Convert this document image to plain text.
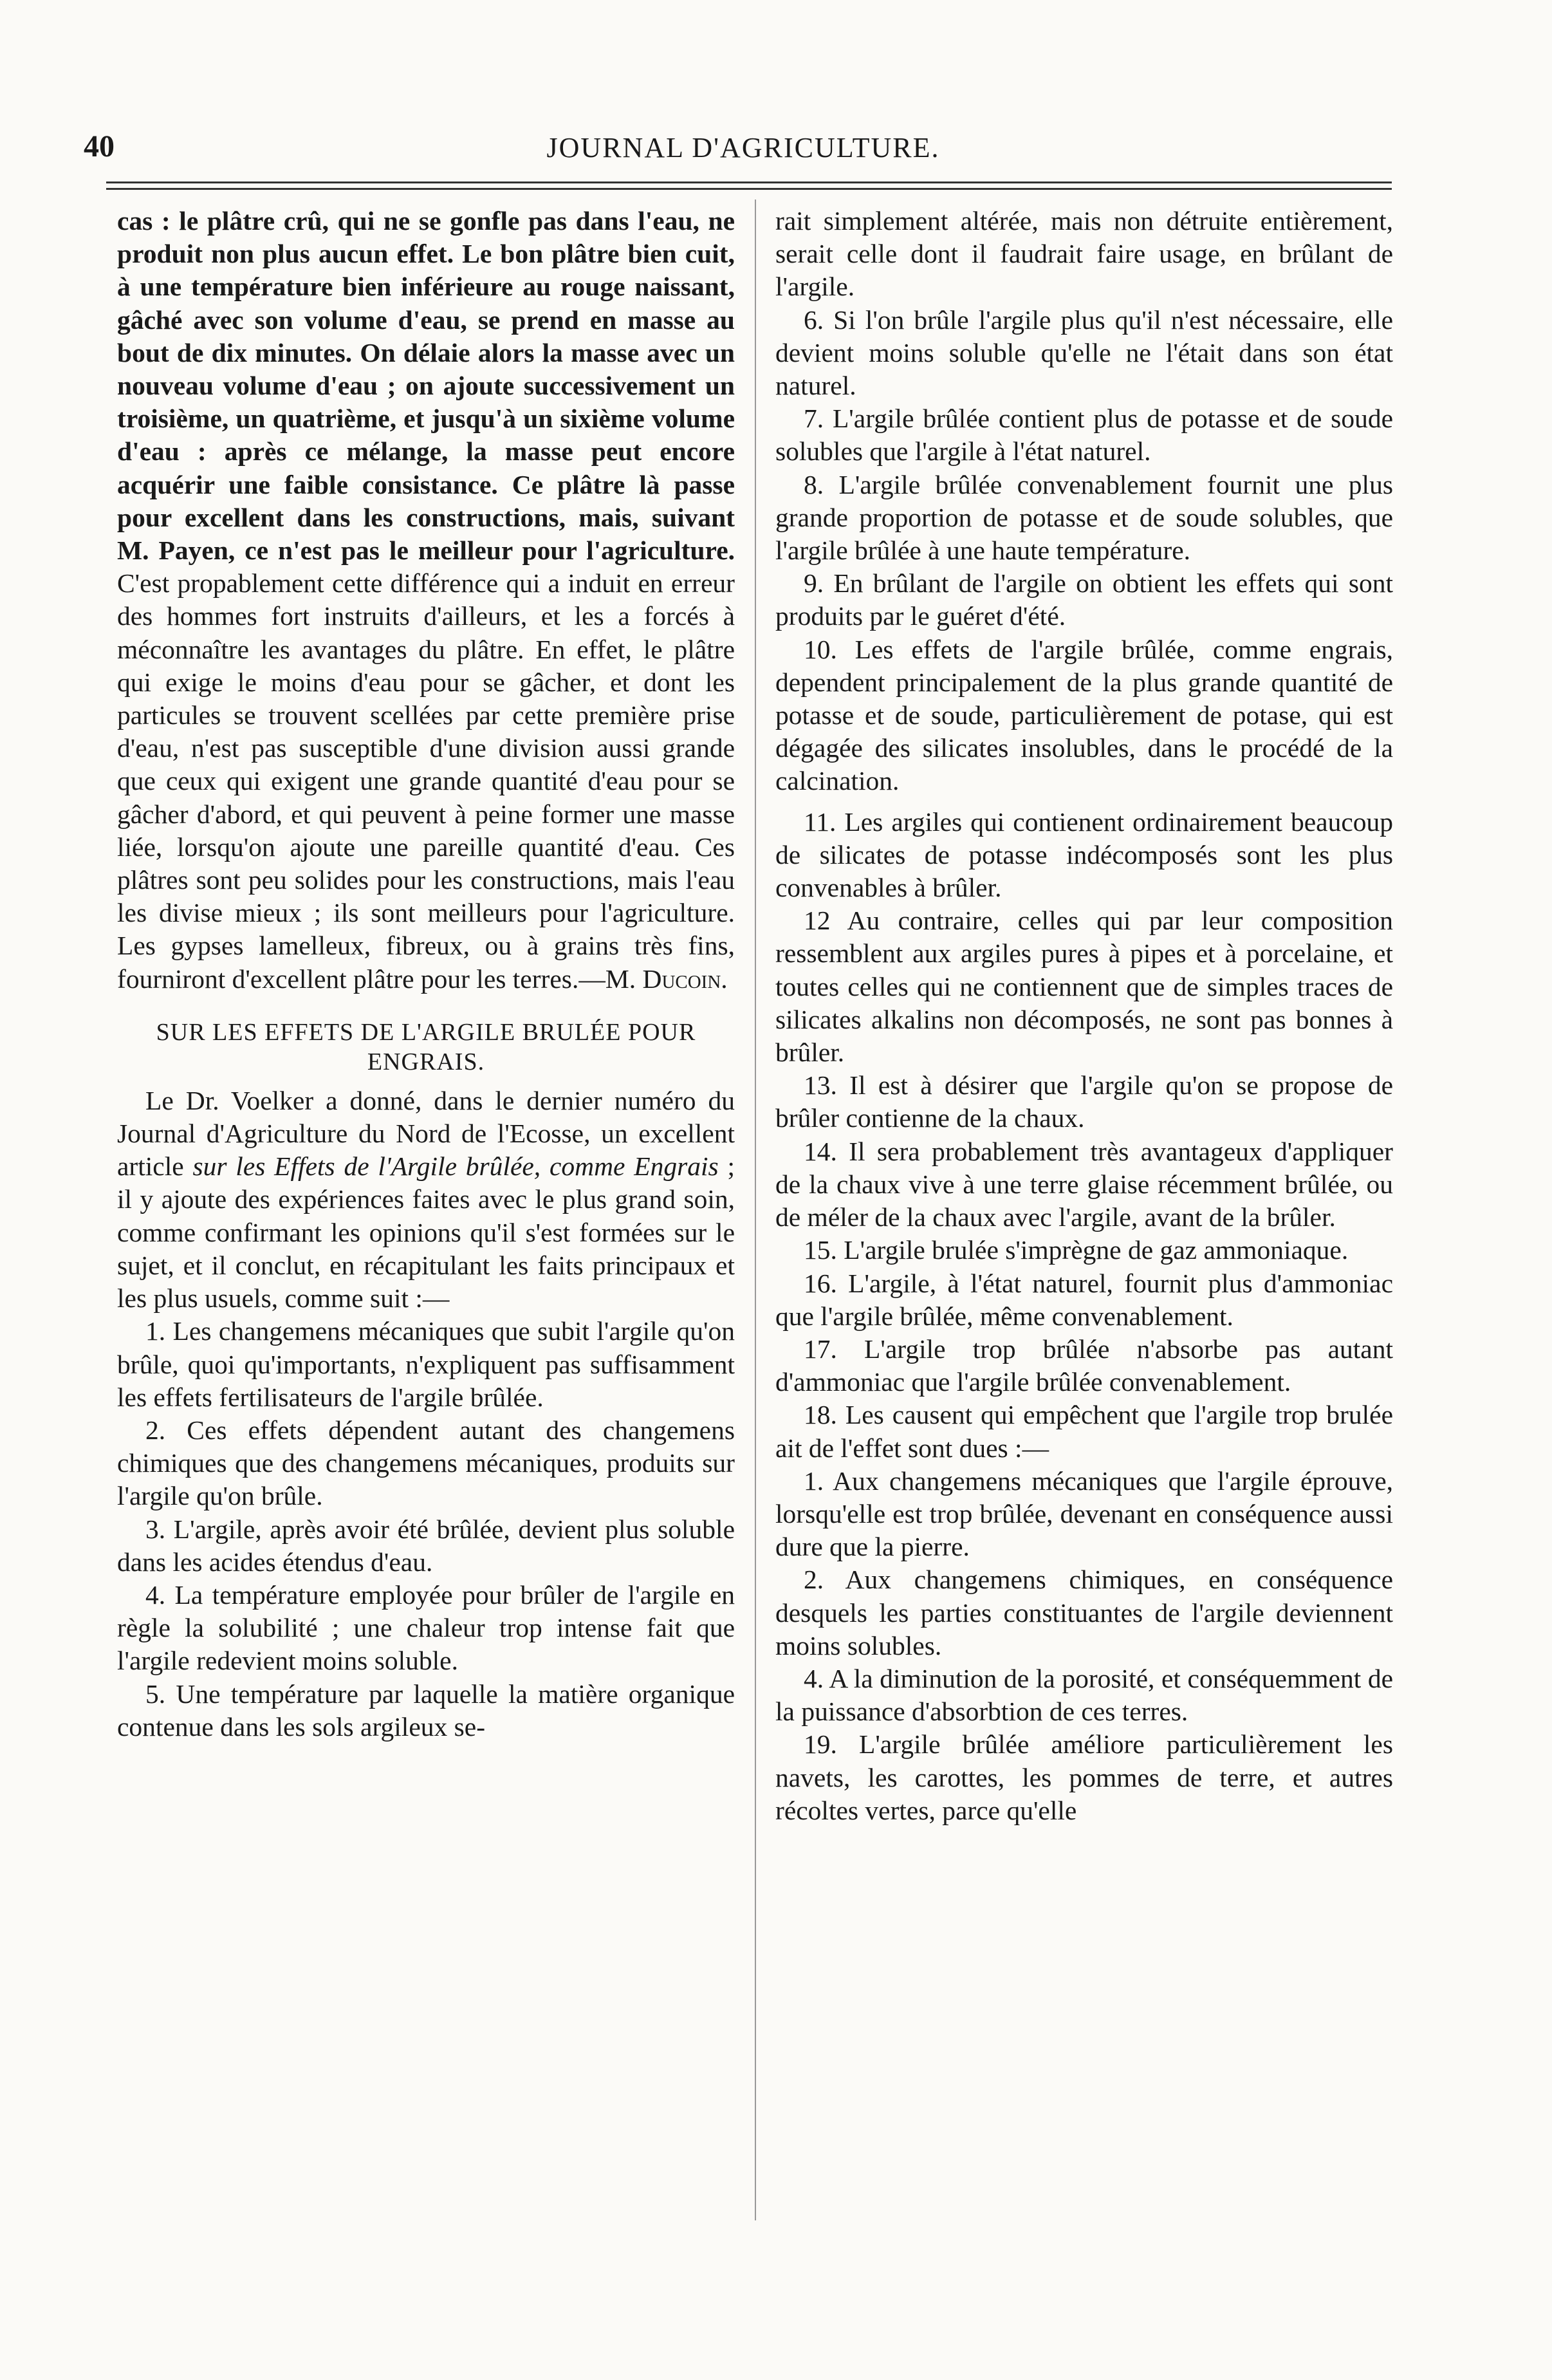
40	JOURNAL D'AGRICULTURE.

cas : le plâtre crû, qui ne se gonfle pas dans l'eau, ne produit non plus aucun effet. Le bon plâtre bien cuit, à une température bien inférieure au rouge naissant, gâché avec son volume d'eau, se prend en masse au bout de dix minutes. On délaie alors la masse avec un nouveau volume d'eau ; on ajoute successivement un troisième, un quatrième, et jusqu'à un sixième volume d'eau : après ce mélange, la masse peut encore acquérir une faible consistance. Ce plâtre là passe pour excellent dans les constructions, mais, suivant M. Payen, ce n'est pas le meilleur pour l'agriculture. C'est propablement cette différence qui a induit en erreur des hommes fort instruits d'ailleurs, et les a forcés à méconnaître les avantages du plâtre. En effet, le plâtre qui exige le moins d'eau pour se gâcher, et dont les particules se trouvent scellées par cette première prise d'eau, n'est pas susceptible d'une division aussi grande que ceux qui exigent une grande quantité d'eau pour se gâcher d'abord, et qui peuvent à peine former une masse liée, lorsqu'on ajoute une pareille quantité d'eau. Ces plâtres sont peu solides pour les constructions, mais l'eau les divise mieux ; ils sont meilleurs pour l'agriculture. Les gypses lamelleux, fibreux, ou à grains très fins, fourniront d'excellent plâtre pour les terres.—M. Ducoin.

SUR LES EFFETS DE L'ARGILE BRULÉE POUR ENGRAIS.

Le Dr. Voelker a donné, dans le dernier numéro du Journal d'Agriculture du Nord de l'Ecosse, un excellent article sur les Effets de l'Argile brûlée, comme Engrais ; il y ajoute des expériences faites avec le plus grand soin, comme confirmant les opinions qu'il s'est formées sur le sujet, et il conclut, en récapitulant les faits principaux et les plus usuels, comme suit :—

1. Les changemens mécaniques que subit l'argile qu'on brûle, quoi qu'importants, n'expliquent pas suffisamment les effets fertilisateurs de l'argile brûlée.

2. Ces effets dépendent autant des changemens chimiques que des changemens mécaniques, produits sur l'argile qu'on brûle.

3. L'argile, après avoir été brûlée, devient plus soluble dans les acides étendus d'eau.

4. La température employée pour brûler de l'argile en règle la solubilité ; une chaleur trop intense fait que l'argile redevient moins soluble.

5. Une température par laquelle la matière organique contenue dans les sols argileux se-

rait simplement altérée, mais non détruite entièrement, serait celle dont il faudrait faire usage, en brûlant de l'argile.

6. Si l'on brûle l'argile plus qu'il n'est nécessaire, elle devient moins soluble qu'elle ne l'était dans son état naturel.

7. L'argile brûlée contient plus de potasse et de soude solubles que l'argile à l'état naturel.

8. L'argile brûlée convenablement fournit une plus grande proportion de potasse et de soude solubles, que l'argile brûlée à une haute température.

9. En brûlant de l'argile on obtient les effets qui sont produits par le guéret d'été.

10. Les effets de l'argile brûlée, comme engrais, dependent principalement de la plus grande quantité de potasse et de soude, particulièrement de potase, qui est dégagée des silicates insolubles, dans le procédé de la calcination.

11. Les argiles qui contienent ordinairement beaucoup de silicates de potasse indécomposés sont les plus convenables à brûler.

12 Au contraire, celles qui par leur composition ressemblent aux argiles pures à pipes et à porcelaine, et toutes celles qui ne contiennent que de simples traces de silicates alkalins non décomposés, ne sont pas bonnes à brûler.

13. Il est à désirer que l'argile qu'on se propose de brûler contienne de la chaux.

14. Il sera probablement très avantageux d'appliquer de la chaux vive à une terre glaise récemment brûlée, ou de méler de la chaux avec l'argile, avant de la brûler.

15. L'argile brulée s'imprègne de gaz ammoniaque.

16. L'argile, à l'état naturel, fournit plus d'ammoniac que l'argile brûlée, même convenablement.

17. L'argile trop brûlée n'absorbe pas autant d'ammoniac que l'argile brûlée convenablement.

18. Les causent qui empêchent que l'argile trop brulée ait de l'effet sont dues :—

1. Aux changemens mécaniques que l'argile éprouve, lorsqu'elle est trop brûlée, devenant en conséquence aussi dure que la pierre.

2. Aux changemens chimiques, en conséquence desquels les parties constituantes de l'argile deviennent moins solubles.

4. A la diminution de la porosité, et conséquemment de la puissance d'absorbtion de ces terres.

19. L'argile brûlée améliore particulièrement les navets, les carottes, les pommes de terre, et autres récoltes vertes, parce qu'elle
